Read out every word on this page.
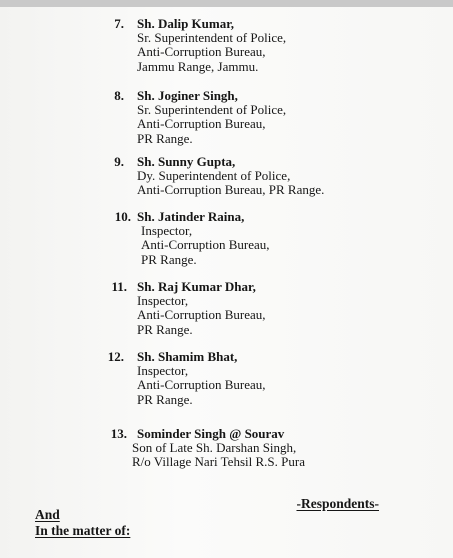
7. Sh. Dalip Kumar,
Sr. Superintendent of Police,
Anti-Corruption Bureau,
Jammu Range, Jammu.
8. Sh. Joginer Singh,
Sr. Superintendent of Police,
Anti-Corruption Bureau,
PR Range.
9. Sh. Sunny Gupta,
Dy. Superintendent of Police,
Anti-Corruption Bureau, PR Range.
10. Sh. Jatinder Raina,
Inspector,
Anti-Corruption Bureau,
PR Range.
11. Sh. Raj Kumar Dhar,
Inspector,
Anti-Corruption Bureau,
PR Range.
12. Sh. Shamim Bhat,
Inspector,
Anti-Corruption Bureau,
PR Range.
13. Sominder Singh @ Sourav
Son of Late Sh. Darshan Singh,
R/o Village Nari Tehsil R.S. Pura
-Respondents-
And
In the matter of:
